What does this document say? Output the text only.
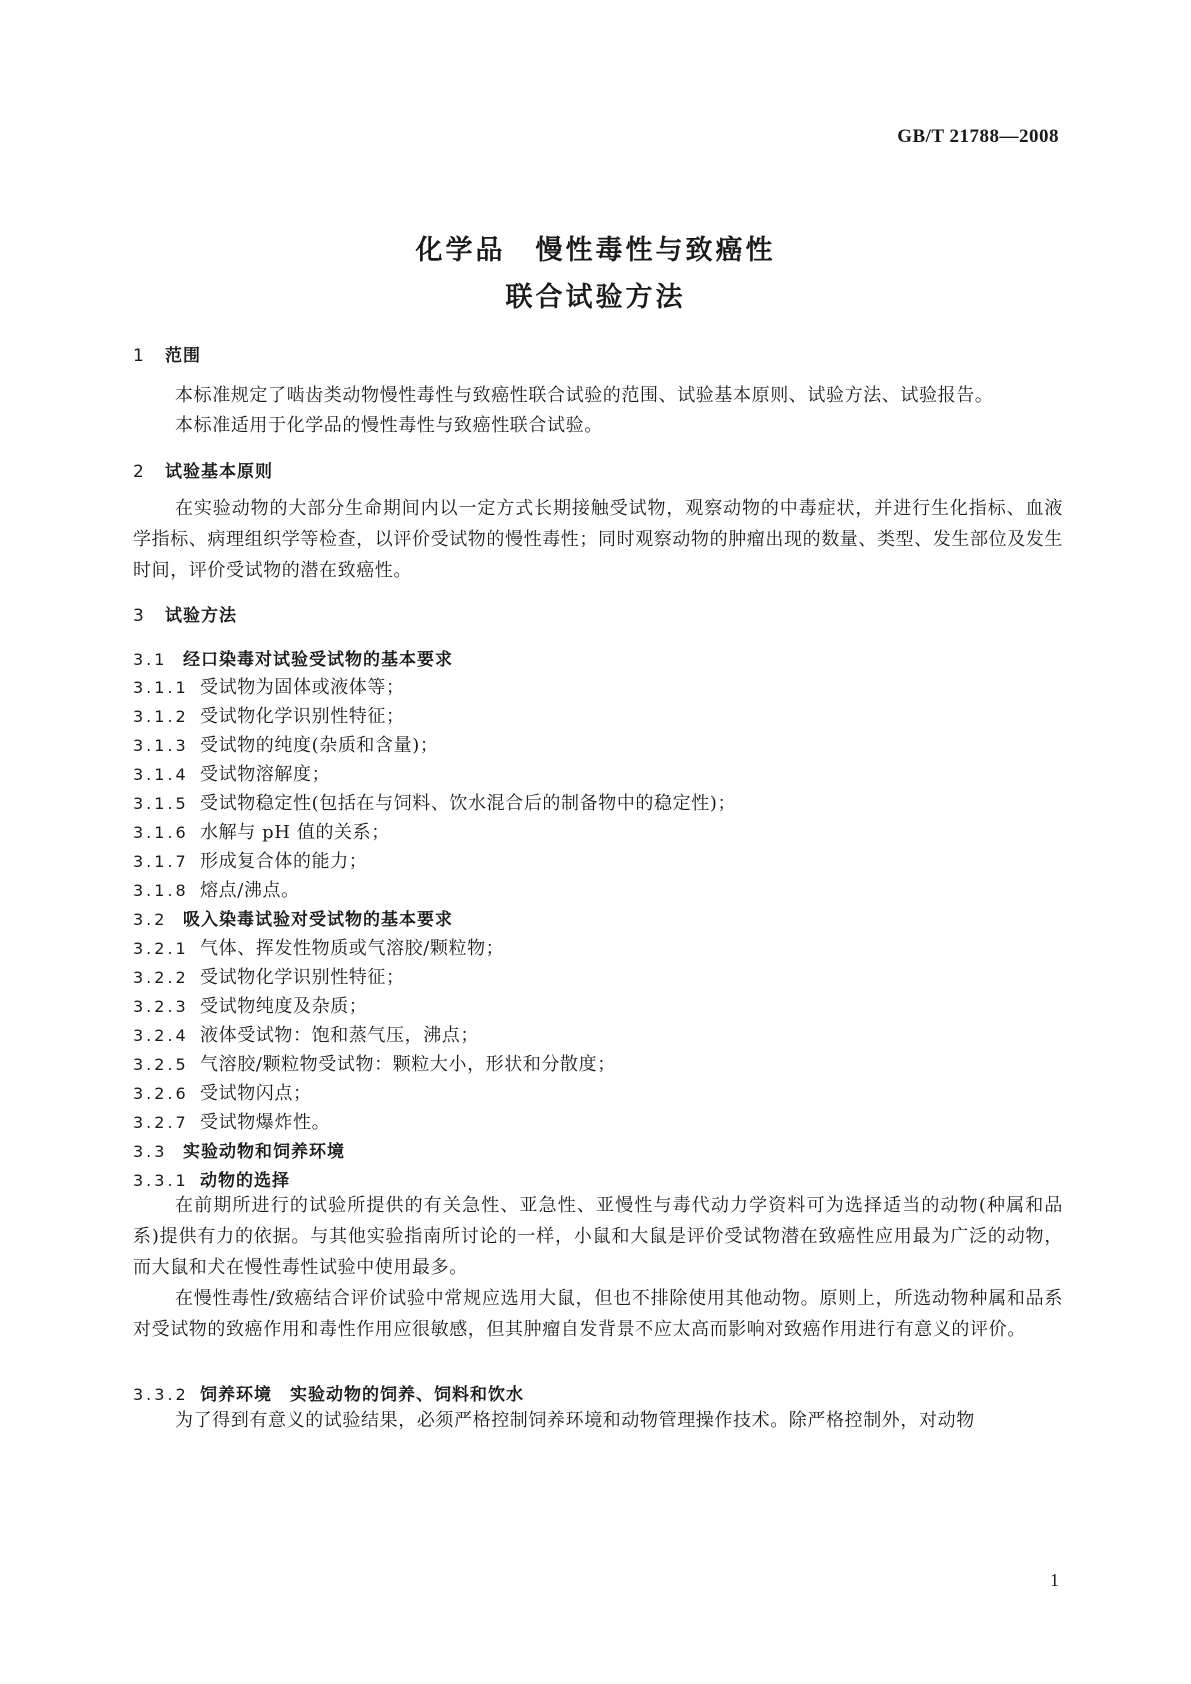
GB/T 21788—2008
化学品　慢性毒性与致癌性
联合试验方法
1 范围

本标准规定了啮齿类动物慢性毒性与致癌性联合试验的范围、试验基本原则、试验方法、试验报告。

本标准适用于化学品的慢性毒性与致癌性联合试验。

2 试验基本原则

在实验动物的大部分生命期间内以一定方式长期接触受试物，观察动物的中毒症状，并进行生化指标、血液学指标、病理组织学等检查，以评价受试物的慢性毒性；同时观察动物的肿瘤出现的数量、类型、发生部位及发生时间，评价受试物的潜在致癌性。

3 试验方法
3.1 经口染毒对试验受试物的基本要求
3.1.1 受试物为固体或液体等；
3.1.2 受试物化学识别性特征；
3.1.3 受试物的纯度(杂质和含量)；
3.1.4 受试物溶解度；
3.1.5 受试物稳定性(包括在与饲料、饮水混合后的制备物中的稳定性)；
3.1.6 水解与 pH 值的关系；
3.1.7 形成复合体的能力；
3.1.8 熔点/沸点。
3.2 吸入染毒试验对受试物的基本要求
3.2.1 气体、挥发性物质或气溶胶/颗粒物；
3.2.2 受试物化学识别性特征；
3.2.3 受试物纯度及杂质；
3.2.4 液体受试物：饱和蒸气压，沸点；
3.2.5 气溶胶/颗粒物受试物：颗粒大小，形状和分散度；
3.2.6 受试物闪点；
3.2.7 受试物爆炸性。
3.3 实验动物和饲养环境
3.3.1 动物的选择

在前期所进行的试验所提供的有关急性、亚急性、亚慢性与毒代动力学资料可为选择适当的动物(种属和品系)提供有力的依据。与其他实验指南所讨论的一样，小鼠和大鼠是评价受试物潜在致癌性应用最为广泛的动物，而大鼠和犬在慢性毒性试验中使用最多。

在慢性毒性/致癌结合评价试验中常规应选用大鼠，但也不排除使用其他动物。原则上，所选动物种属和品系对受试物的致癌作用和毒性作用应很敏感，但其肿瘤自发背景不应太高而影响对致癌作用进行有意义的评价。

3.3.2 饲养环境　实验动物的饲养、饲料和饮水

为了得到有意义的试验结果，必须严格控制饲养环境和动物管理操作技术。除严格控制外，对动物

1
